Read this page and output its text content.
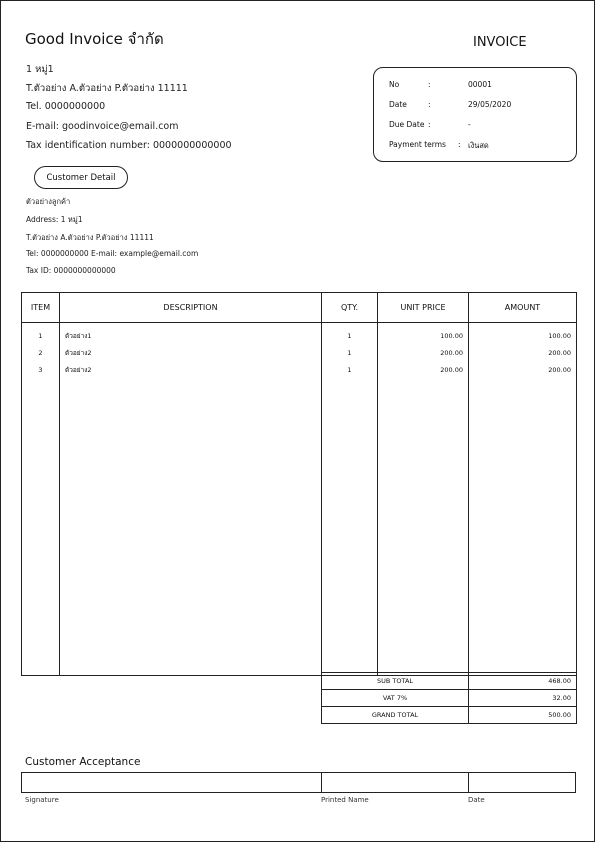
Good Invoice จำกัด	INVOICE
1 หมู่1
T.ตัวอย่าง A.ตัวอย่าง P.ตัวอย่าง 11111
Tel. 0000000000
E-mail: goodinvoice@email.com
Tax identification number: 0000000000000
No	:	00001
Date	:	29/05/2020
Due Date :	-
Payment terms : เงินสด
Customer Detail
ตัวอย่างลูกค้า
Address: 1 หมู่1
T.ตัวอย่าง A.ตัวอย่าง P.ตัวอย่าง 11111
Tel: 0000000000 E-mail: example@email.com
Tax ID: 0000000000000
ITEM	DESCRIPTION	QTY.	UNIT PRICE	AMOUNT
1	ตัวอย่าง1	1	100.00	100.00
2	ตัวอย่าง2	1	200.00	200.00
3	ตัวอย่าง2	1	200.00	200.00

SUB TOTAL	468.00
VAT 7%	32.00
GRAND TOTAL	500.00
Customer Acceptance
Signature	Printed Name	Date
